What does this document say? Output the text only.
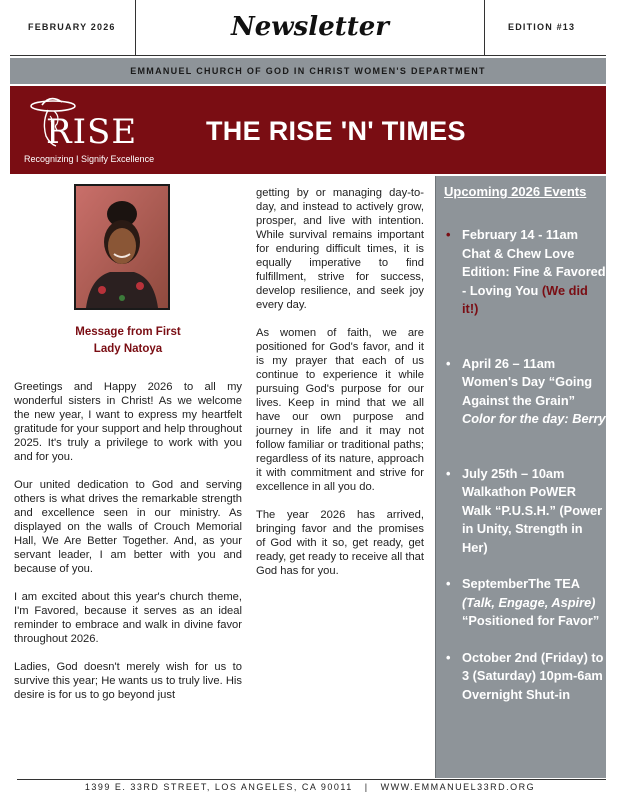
FEBRUARY 2026	Newsletter	EDITION #13
EMMANUEL CHURCH OF GOD IN CHRIST WOMEN'S DEPARTMENT
RISE
Recognizing I Signify Excellence
THE RISE 'N' TIMES
Message from First
Lady Natoya

Greetings and Happy 2026 to all my wonderful sisters in Christ! As we welcome the new year, I want to express my heartfelt gratitude for your support and help throughout 2025. It's truly a privilege to work with you and for you.

Our united dedication to God and serving others is what drives the remarkable strength and excellence seen in our ministry. As displayed on the walls of Crouch Memorial Hall, We Are Better Together. And, as your servant leader, I am better with you and because of you.

I am excited about this year's church theme, I'm Favored, because it serves as an ideal reminder to embrace and walk in divine favor throughout 2026.

Ladies, God doesn't merely wish for us to survive this year; He wants us to truly live. His desire is for us to go beyond just

getting by or managing day-to-day, and instead to actively grow, prosper, and live with intention. While survival remains important for enduring difficult times, it is equally imperative to find fulfillment, strive for success, develop resilience, and seek joy every day.

As women of faith, we are positioned for God's favor, and it is my prayer that each of us continue to experience it while pursuing God's purpose for our lives. Keep in mind that we all have our own purpose and journey in life and it may not follow familiar or traditional paths; regardless of its nature, approach it with commitment and strive for excellence in all you do.

The year 2026 has arrived, bringing favor and the promises of God with it so, get ready, get ready, get ready to receive all that God has for you.

Upcoming 2026 Events
• February 14 - 11am Chat & Chew Love Edition: Fine & Favored - Loving You (We did it!)
• April 26 – 11am Women's Day “Going Against the Grain” Color for the day: Berry
• July 25th – 10am Walkathon PoWER Walk “P.U.S.H.” (Power in Unity, Strength in Her)
• SeptemberThe TEA (Talk, Engage, Aspire) “Positioned for Favor”
• October 2nd (Friday) to 3 (Saturday) 10pm-6am Overnight Shut-in
1399 E. 33RD STREET, LOS ANGELES, CA 90011 | WWW.EMMANUEL33RD.ORG
